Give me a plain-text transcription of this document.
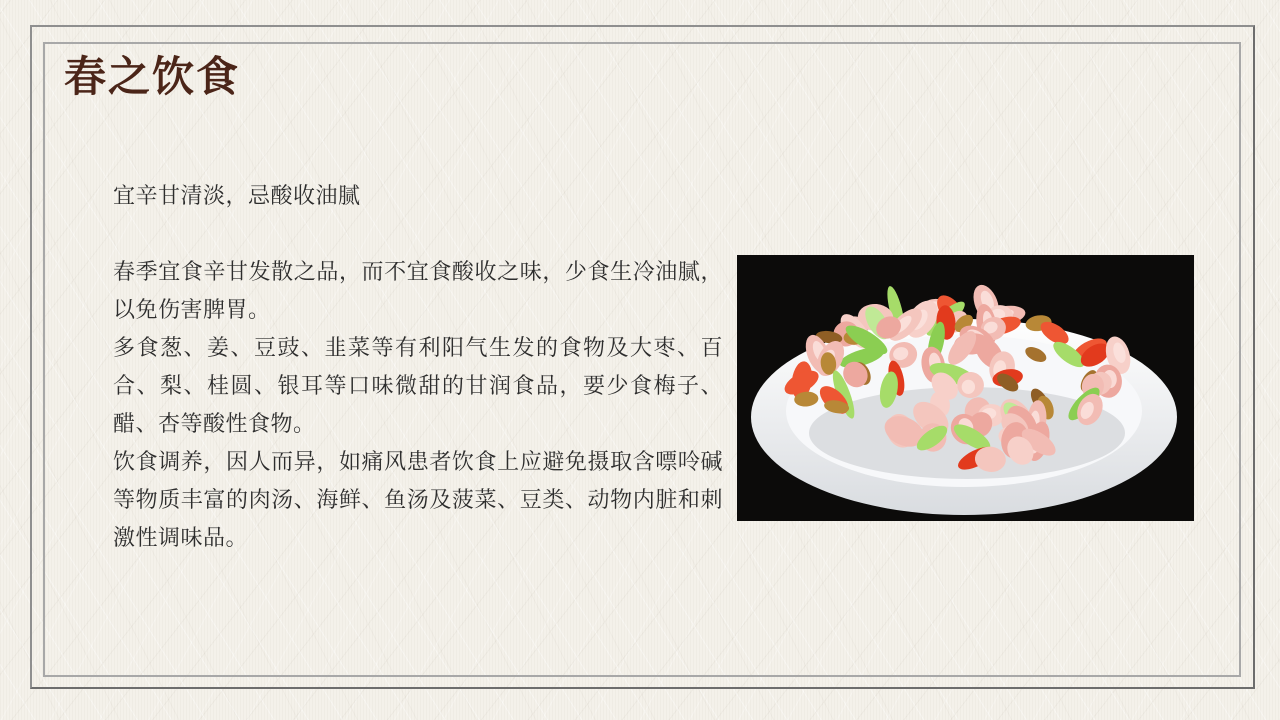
春之饮食

宜辛甘清淡，忌酸收油腻

春季宜食辛甘发散之品，而不宜食酸收之味，少食生冷油腻，以免伤害脾胃。

多食葱、姜、豆豉、韭菜等有利阳气生发的食物及大枣、百合、梨、桂圆、银耳等口味微甜的甘润食品，要少食梅子、醋、杏等酸性食物。

饮食调养，因人而异，如痛风患者饮食上应避免摄取含嘌呤碱等物质丰富的肉汤、海鲜、鱼汤及菠菜、豆类、动物内脏和刺激性调味品。
